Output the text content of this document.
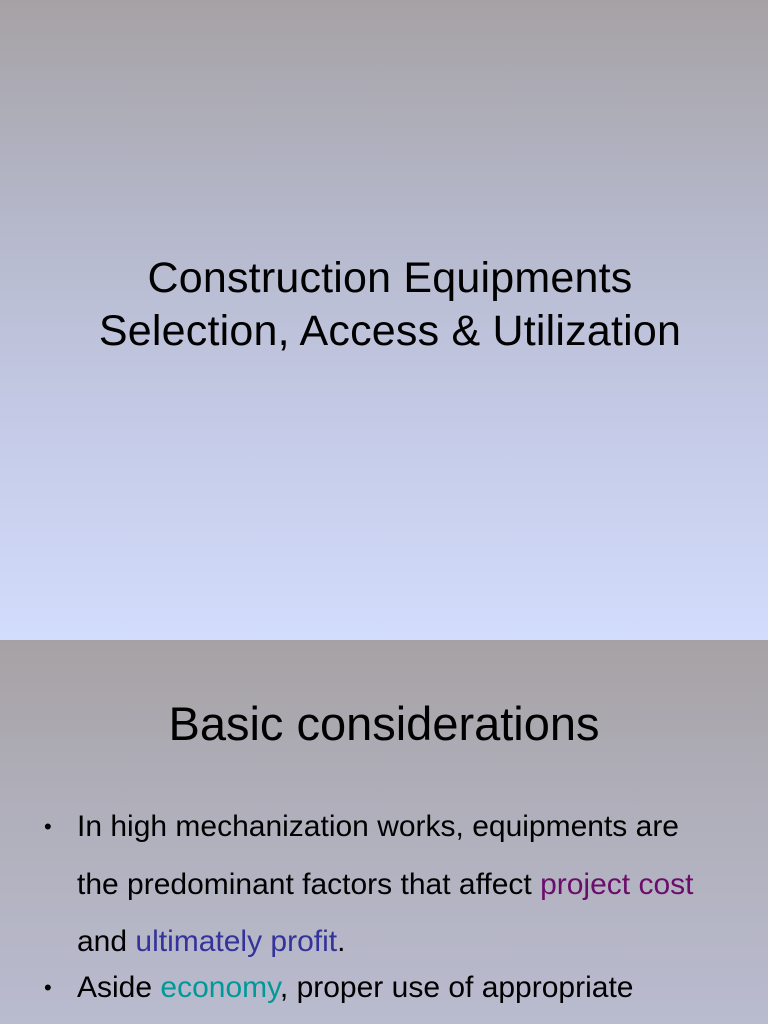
Construction Equipments
Selection, Access & Utilization
Basic considerations
• In high mechanization works, equipments are
the predominant factors that affect project cost
and ultimately profit.
• Aside economy, proper use of appropriate
